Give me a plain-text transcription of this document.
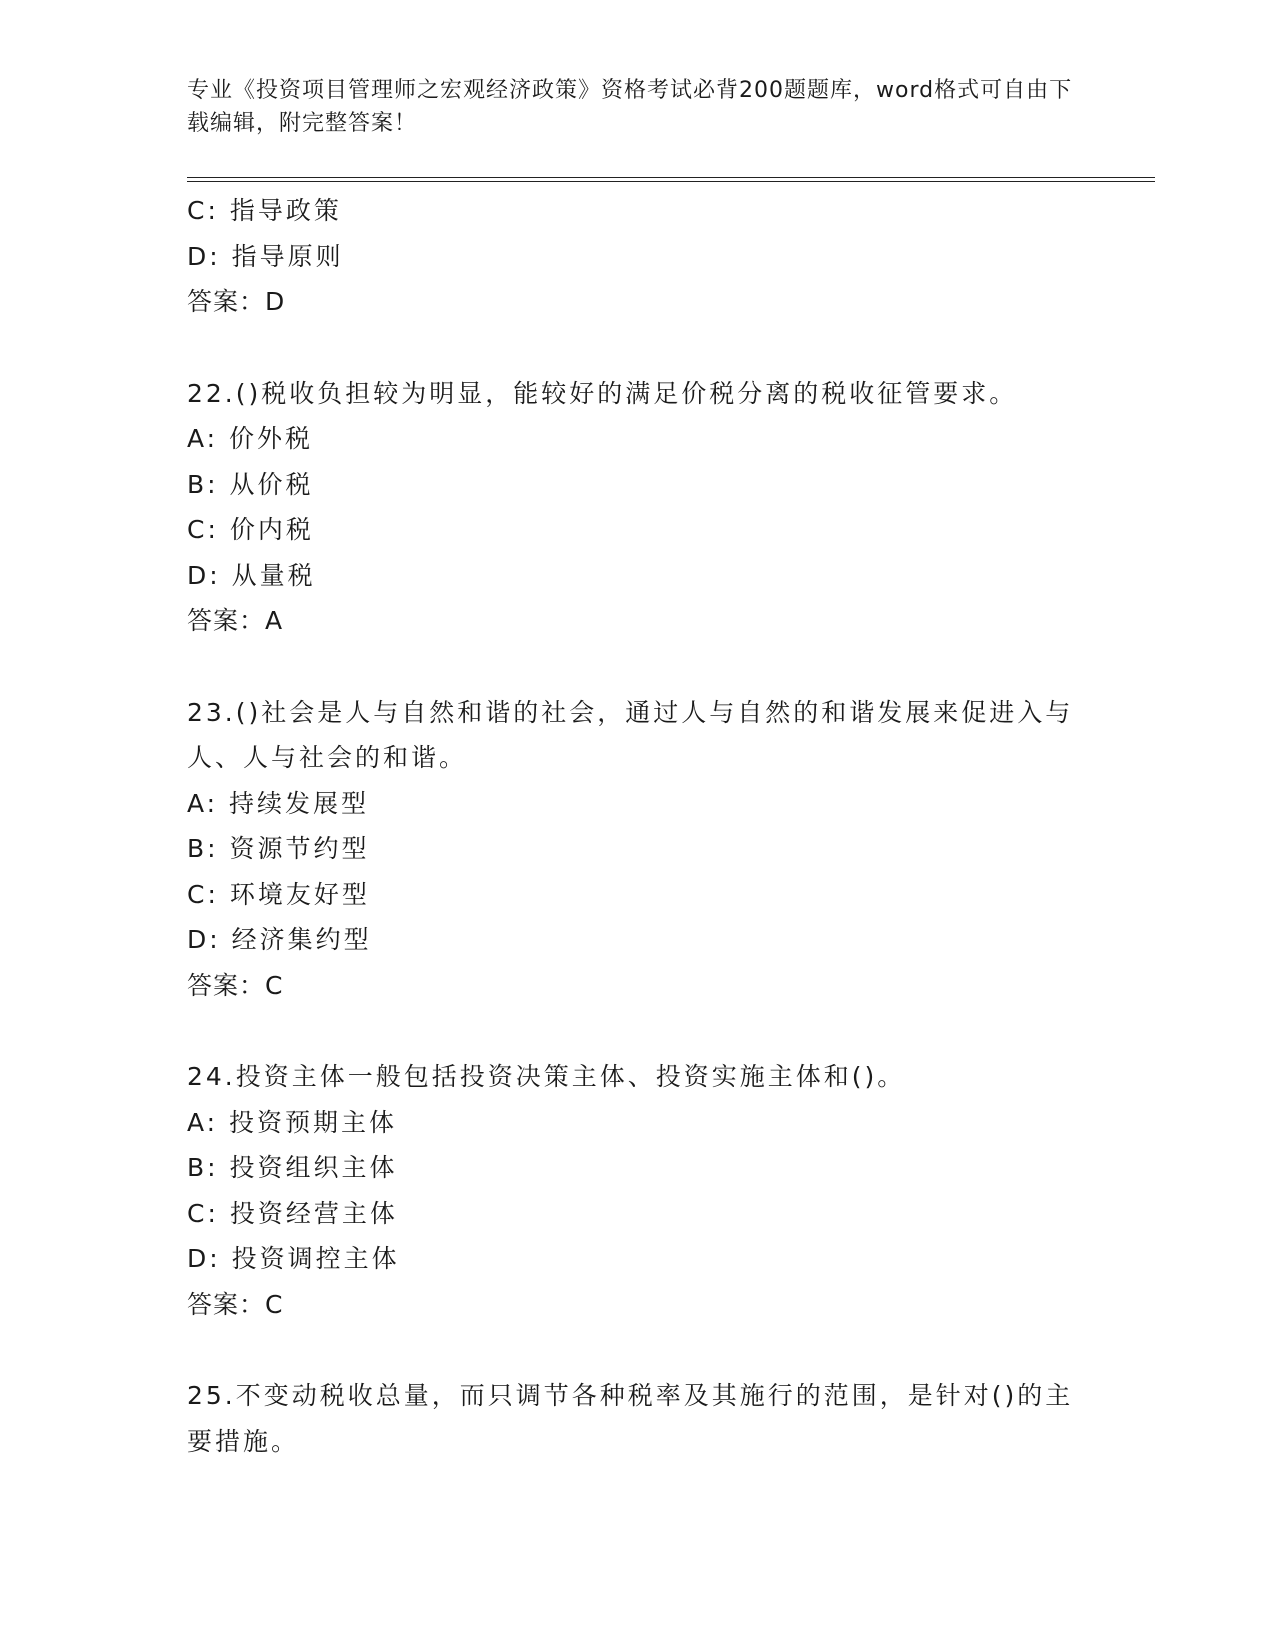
专业《投资项目管理师之宏观经济政策》资格考试必背200题题库，word格式可自由下载编辑，附完整答案！
C: 指导政策
D: 指导原则
答案：D
22.()税收负担较为明显，能较好的满足价税分离的税收征管要求。
A: 价外税
B: 从价税
C: 价内税
D: 从量税
答案：A
23.()社会是人与自然和谐的社会，通过人与自然的和谐发展来促进入与人、人与社会的和谐。
A: 持续发展型
B: 资源节约型
C: 环境友好型
D: 经济集约型
答案：C
24.投资主体一般包括投资决策主体、投资实施主体和()。
A: 投资预期主体
B: 投资组织主体
C: 投资经营主体
D: 投资调控主体
答案：C
25.不变动税收总量，而只调节各种税率及其施行的范围，是针对()的主要措施。
